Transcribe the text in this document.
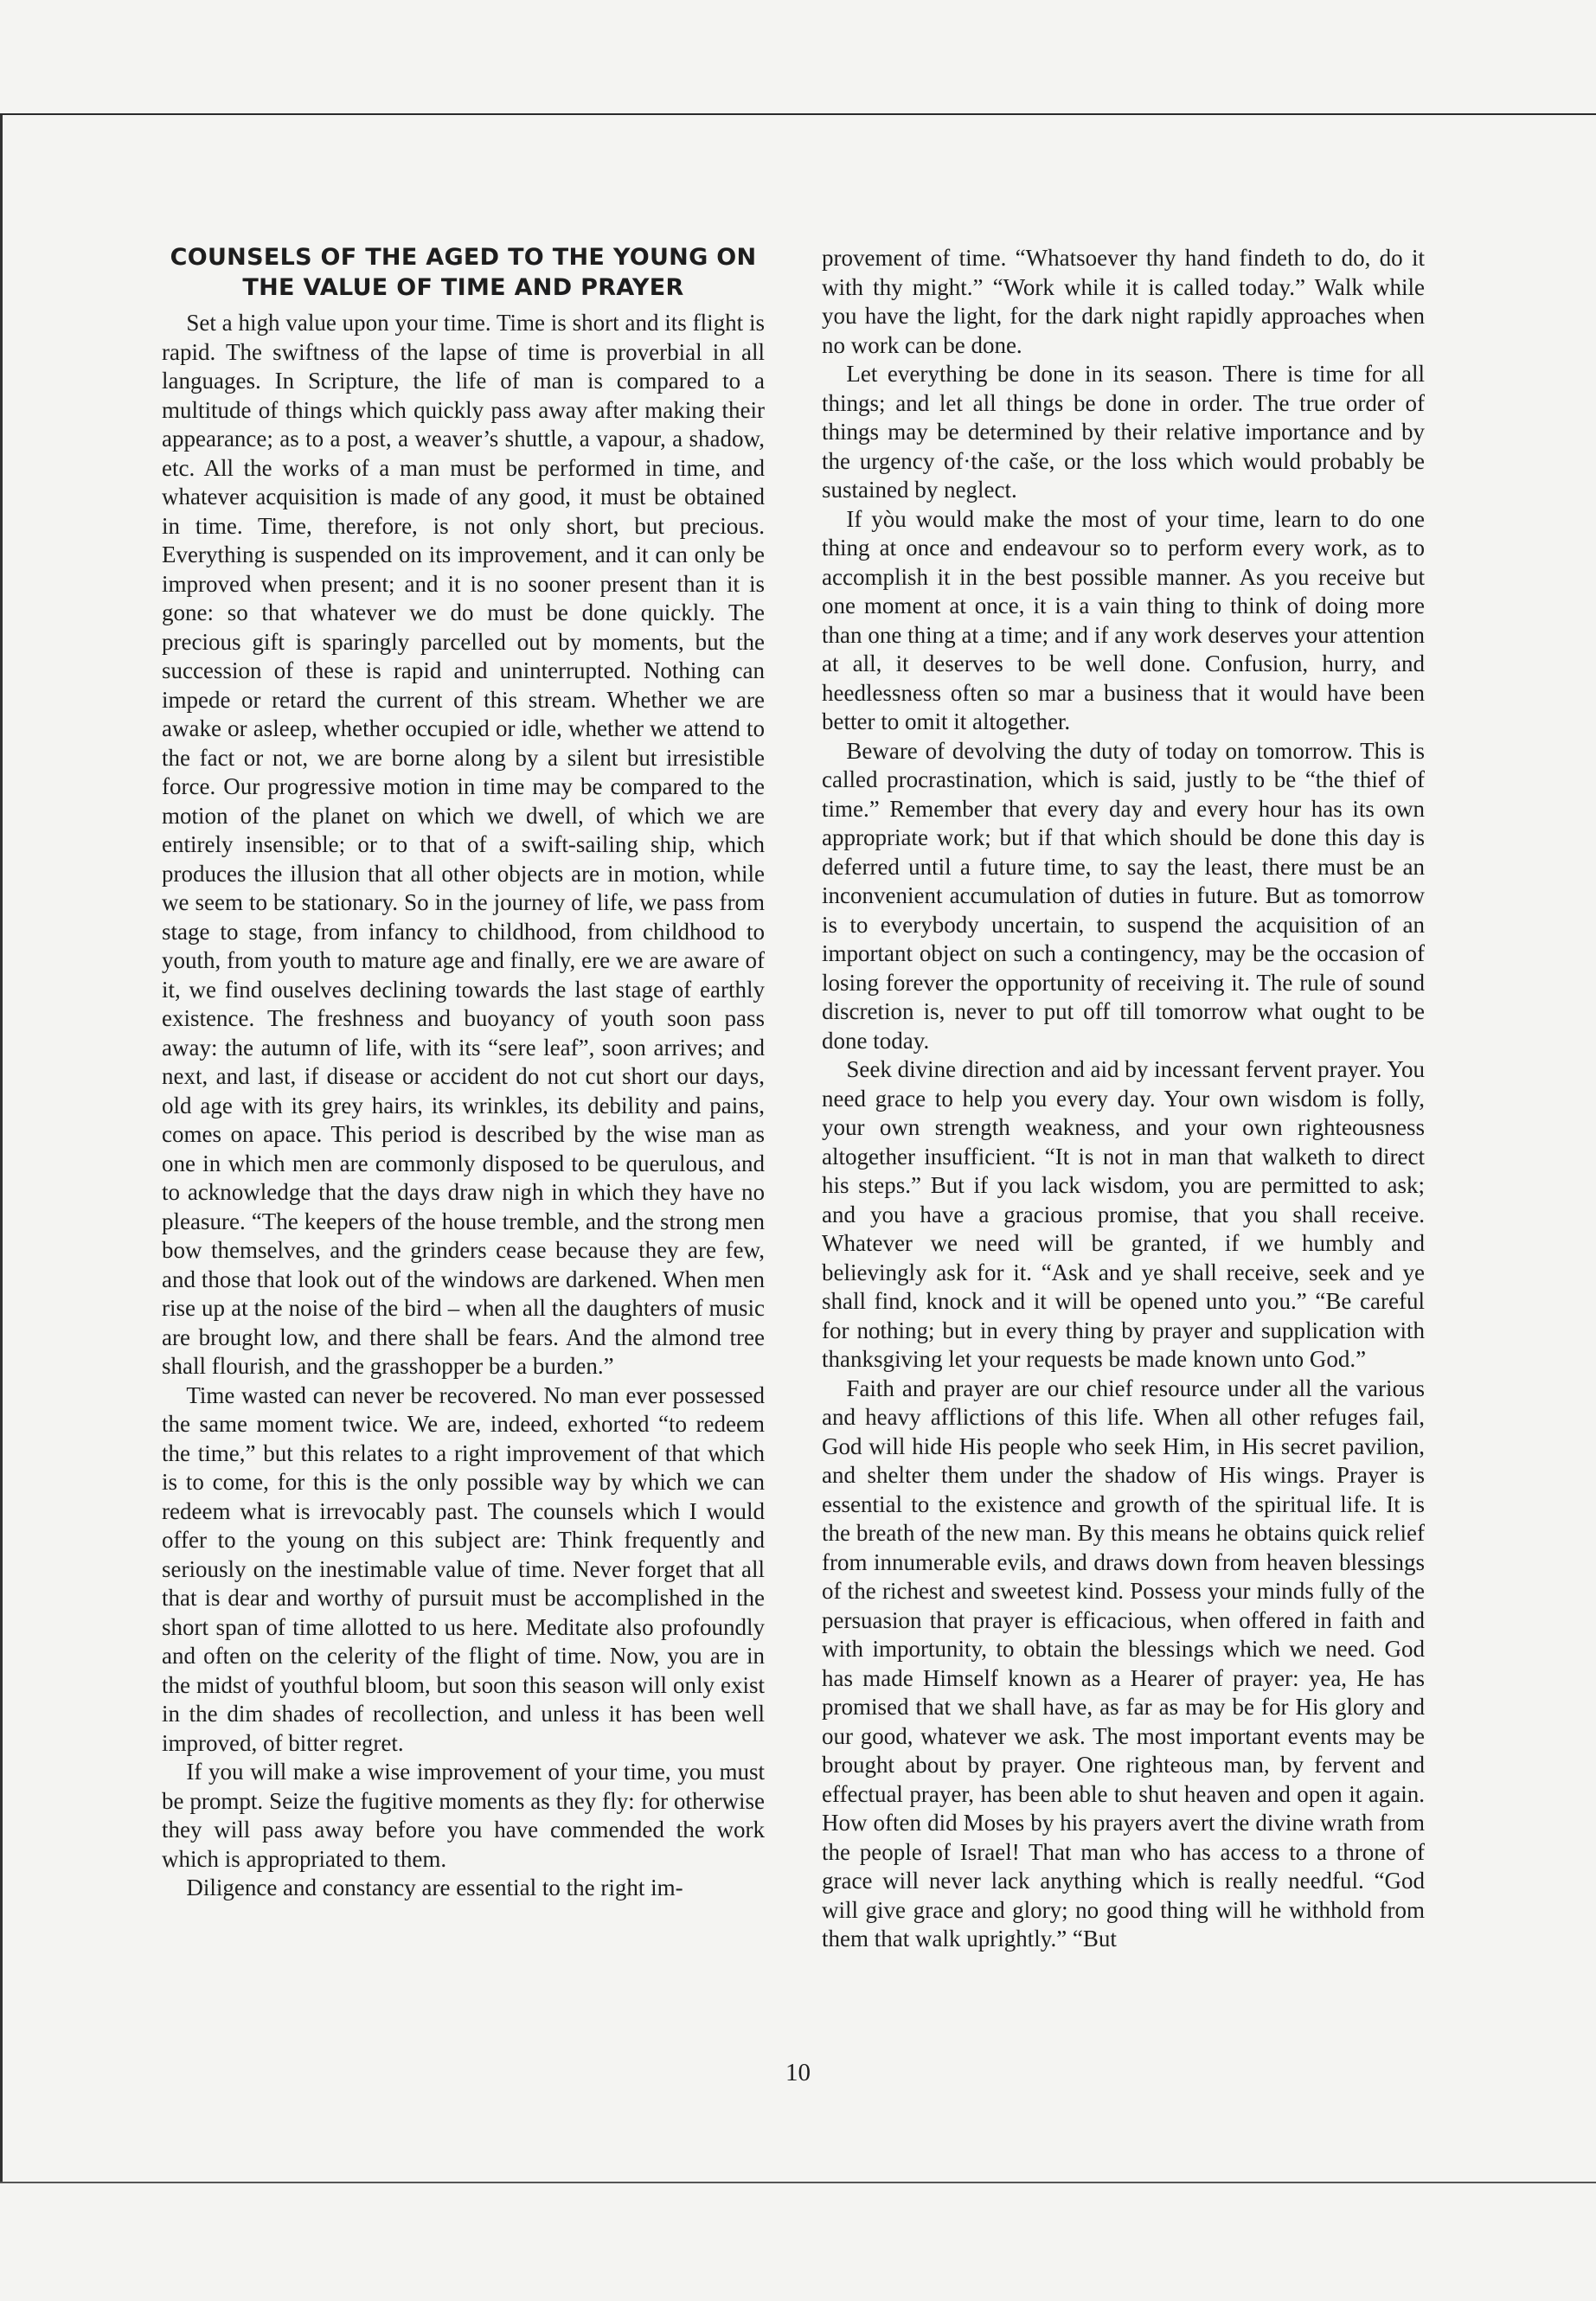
COUNSELS OF THE AGED TO THE YOUNG ON
THE VALUE OF TIME AND PRAYER

Set a high value upon your time. Time is short and its flight is rapid. The swiftness of the lapse of time is proverbial in all languages. In Scripture, the life of man is compared to a multitude of things which quickly pass away after making their appearance; as to a post, a weaver’s shuttle, a vapour, a shadow, etc. All the works of a man must be performed in time, and whatever acquisition is made of any good, it must be obtained in time. Time, therefore, is not only short, but precious. Everything is suspended on its improvement, and it can only be improved when present; and it is no sooner present than it is gone: so that whatever we do must be done quickly. The precious gift is sparingly parcelled out by moments, but the succession of these is rapid and uninterrupted. Nothing can impede or retard the current of this stream. Whether we are awake or asleep, whether occupied or idle, whether we attend to the fact or not, we are borne along by a silent but irresistible force. Our progressive motion in time may be compared to the motion of the planet on which we dwell, of which we are entirely insensible; or to that of a swift-sailing ship, which produces the illusion that all other objects are in motion, while we seem to be stationary. So in the journey of life, we pass from stage to stage, from infancy to childhood, from childhood to youth, from youth to mature age and finally, ere we are aware of it, we find ouselves declining towards the last stage of earthly existence. The freshness and buoyancy of youth soon pass away: the autumn of life, with its “sere leaf”, soon arrives; and next, and last, if disease or accident do not cut short our days, old age with its grey hairs, its wrinkles, its debility and pains, comes on apace. This period is described by the wise man as one in which men are commonly disposed to be querulous, and to acknowledge that the days draw nigh in which they have no pleasure. “The keepers of the house tremble, and the strong men bow themselves, and the grinders cease because they are few, and those that look out of the windows are darkened. When men rise up at the noise of the bird – when all the daughters of music are brought low, and there shall be fears. And the almond tree shall flourish, and the grasshopper be a burden.”

Time wasted can never be recovered. No man ever possessed the same moment twice. We are, indeed, exhorted “to redeem the time,” but this relates to a right improvement of that which is to come, for this is the only possible way by which we can redeem what is irrevocably past. The counsels which I would offer to the young on this subject are: Think frequently and seriously on the inestimable value of time. Never forget that all that is dear and worthy of pursuit must be accomplished in the short span of time allotted to us here. Meditate also profoundly and often on the celerity of the flight of time. Now, you are in the midst of youthful bloom, but soon this season will only exist in the dim shades of recollection, and unless it has been well improved, of bitter regret.

If you will make a wise improvement of your time, you must be prompt. Seize the fugitive moments as they fly: for otherwise they will pass away before you have commended the work which is appropriated to them.

Diligence and constancy are essential to the right im-

provement of time. “Whatsoever thy hand findeth to do, do it with thy might.” “Work while it is called today.” Walk while you have the light, for the dark night rapidly approaches when no work can be done.

Let everything be done in its season. There is time for all things; and let all things be done in order. The true order of things may be determined by their relative importance and by the urgency of·the cašе, or the loss which would probably be sustained by neglect.

If yòu would make the most of your time, learn to do one thing at once and endeavour so to perform every work, as to accomplish it in the best possible manner. As you receive but one moment at once, it is a vain thing to think of doing more than one thing at a time; and if any work deserves your attention at all, it deserves to be well done. Confusion, hurry, and heedlessness often so mar a business that it would have been better to omit it altogether.

Beware of devolving the duty of today on tomorrow. This is called procrastination, which is said, justly to be “the thief of time.” Remember that every day and every hour has its own appropriate work; but if that which should be done this day is deferred until a future time, to say the least, there must be an inconvenient accumulation of duties in future. But as tomorrow is to everybody uncertain, to suspend the acquisition of an important object on such a contingency, may be the occasion of losing forever the opportunity of receiving it. The rule of sound discretion is, never to put off till tomorrow what ought to be done today.

Seek divine direction and aid by incessant fervent prayer. You need grace to help you every day. Your own wisdom is folly, your own strength weakness, and your own righteousness altogether insufficient. “It is not in man that walketh to direct his steps.” But if you lack wisdom, you are permitted to ask; and you have a gracious promise, that you shall receive. Whatever we need will be granted, if we humbly and believingly ask for it. “Ask and ye shall receive, seek and ye shall find, knock and it will be opened unto you.” “Be careful for nothing; but in every thing by prayer and supplication with thanksgiving let your requests be made known unto God.”

Faith and prayer are our chief resource under all the various and heavy afflictions of this life. When all other refuges fail, God will hide His people who seek Him, in His secret pavilion, and shelter them under the shadow of His wings. Prayer is essential to the existence and growth of the spiritual life. It is the breath of the new man. By this means he obtains quick relief from innumerable evils, and draws down from heaven blessings of the richest and sweetest kind. Possess your minds fully of the persuasion that prayer is efficacious, when offered in faith and with importunity, to obtain the blessings which we need. God has made Himself known as a Hearer of prayer: yea, He has promised that we shall have, as far as may be for His glory and our good, whatever we ask. The most important events may be brought about by prayer. One righteous man, by fervent and effectual prayer, has been able to shut heaven and open it again. How often did Moses by his prayers avert the divine wrath from the people of Israel! That man who has access to a throne of grace will never lack anything which is really needful. “God will give grace and glory; no good thing will he withhold from them that walk uprightly.” “But

10
